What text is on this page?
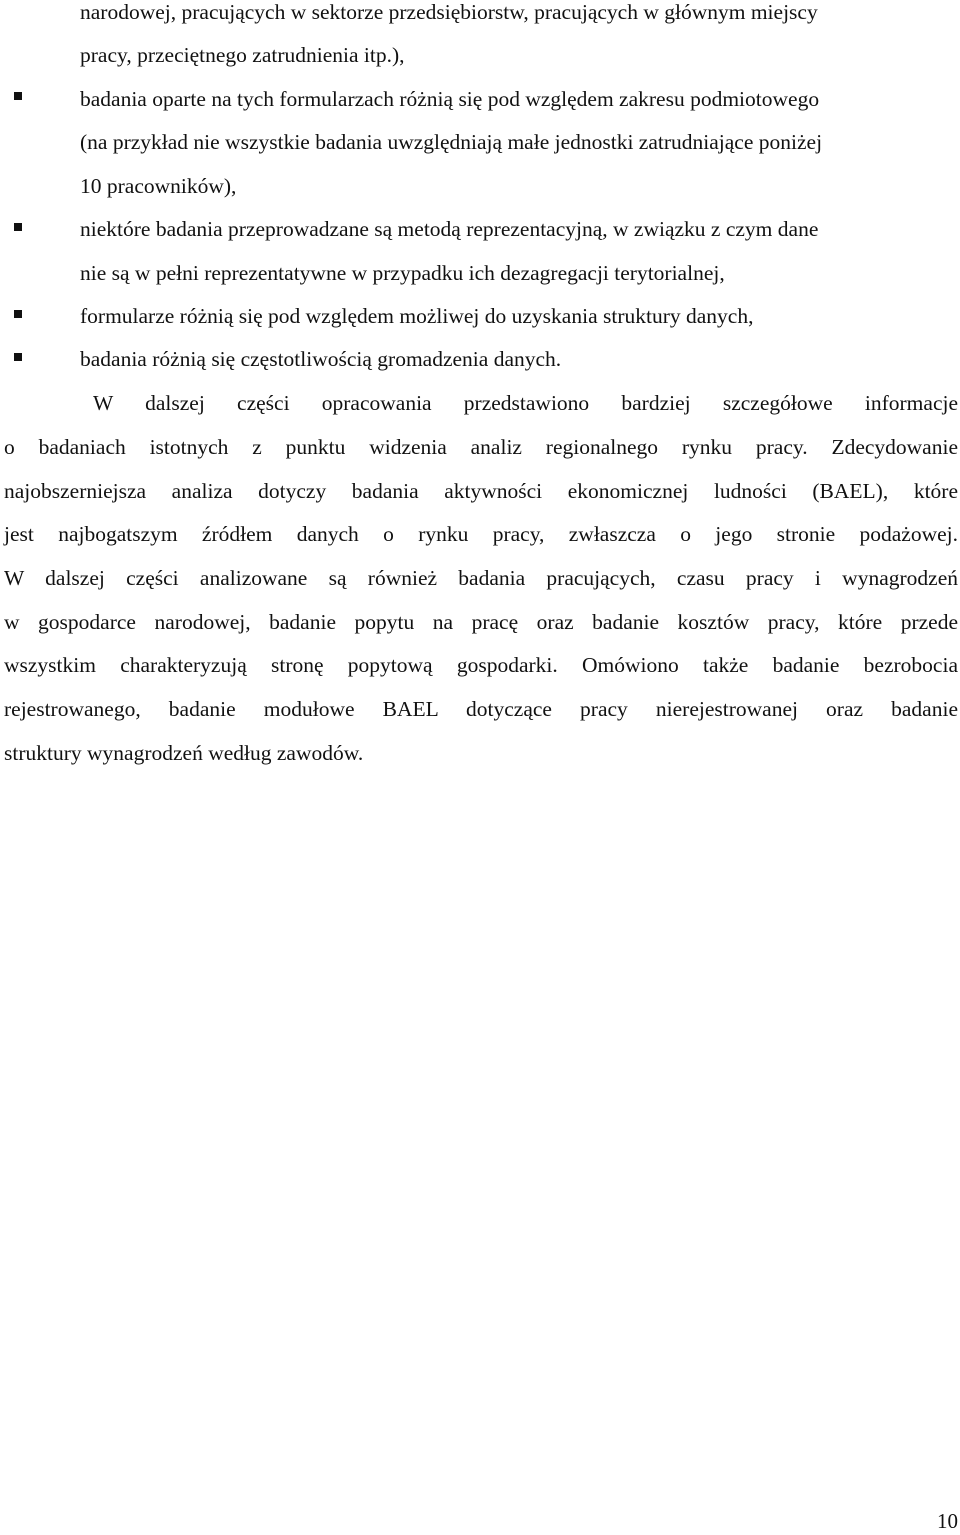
narodowej, pracujących w sektorze przedsiębiorstw, pracujących w głównym miejscy
pracy, przeciętnego zatrudnienia itp.),
badania oparte na tych formularzach różnią się pod względem zakresu podmiotowego
(na przykład nie wszystkie badania uwzględniają małe jednostki zatrudniające poniżej
10 pracowników),
niektóre badania przeprowadzane są metodą reprezentacyjną, w związku z czym dane
nie są w pełni reprezentatywne w przypadku ich dezagregacji terytorialnej,
formularze różnią się pod względem możliwej do uzyskania struktury danych,
badania różnią się częstotliwością gromadzenia danych.
W dalszej części opracowania przedstawiono bardziej szczegółowe informacje
o badaniach istotnych z punktu widzenia analiz regionalnego rynku pracy. Zdecydowanie
najobszerniejsza analiza dotyczy badania aktywności ekonomicznej ludności (BAEL), które
jest najbogatszym źródłem danych o rynku pracy, zwłaszcza o jego stronie podażowej.
W dalszej części analizowane są również badania pracujących, czasu pracy i wynagrodzeń
w gospodarce narodowej, badanie popytu na pracę oraz badanie kosztów pracy, które przede
wszystkim charakteryzują stronę popytową gospodarki. Omówiono także badanie bezrobocia
rejestrowanego, badanie modułowe BAEL dotyczące pracy nierejestrowanej oraz badanie
struktury wynagrodzeń według zawodów.
10
